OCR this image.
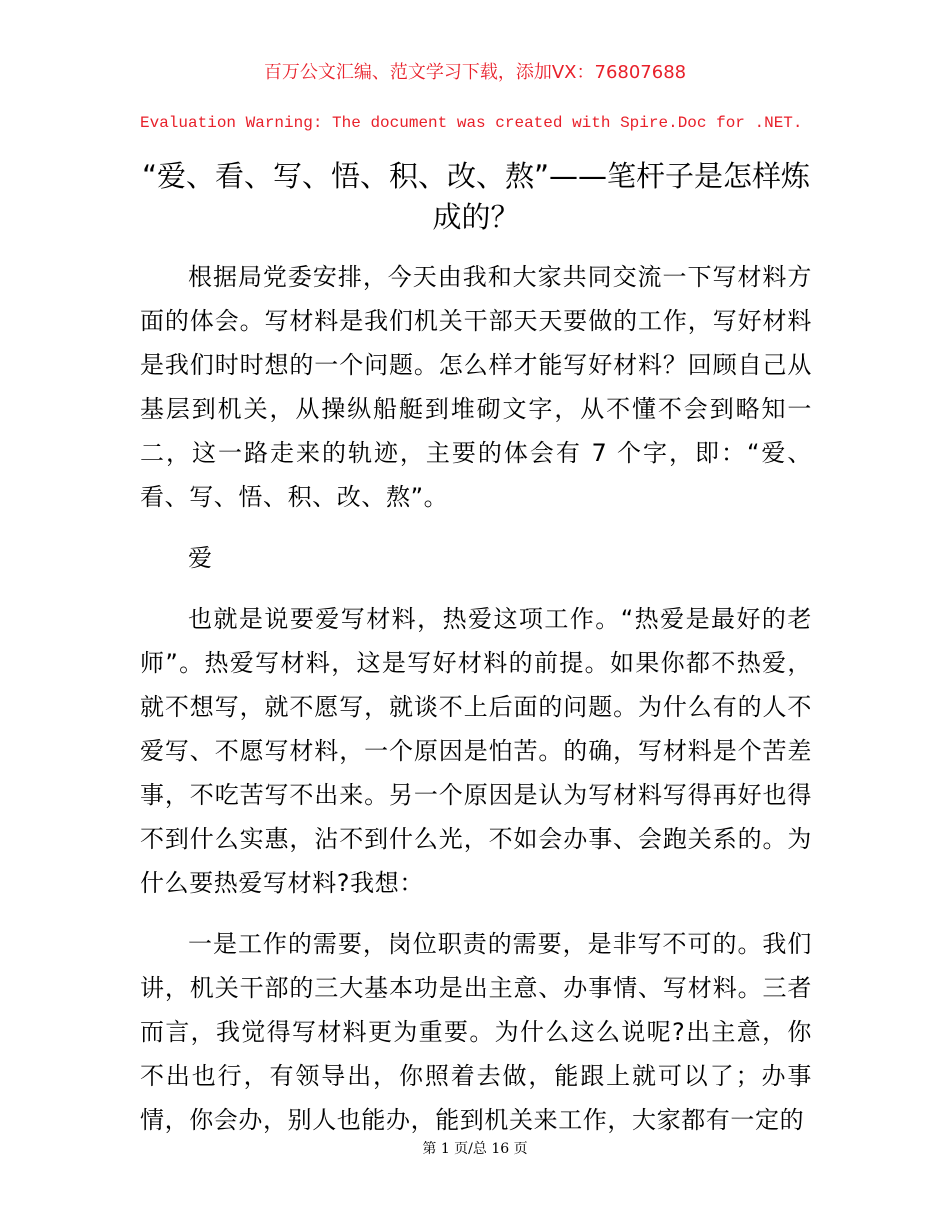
百万公文汇编、范文学习下载，添加VX：76807688
Evaluation Warning: The document was created with Spire.Doc for .NET.
“爱、看、写、悟、积、改、熬”——笔杆子是怎样炼成的？

根据局党委安排，今天由我和大家共同交流一下写材料方面的体会。写材料是我们机关干部天天要做的工作，写好材料是我们时时想的一个问题。怎么样才能写好材料？回顾自己从基层到机关，从操纵船艇到堆砌文字，从不懂不会到略知一二，这一路走来的轨迹，主要的体会有 7 个字，即：“爱、看、写、悟、积、改、熬”。

爱

也就是说要爱写材料，热爱这项工作。“热爱是最好的老师”。热爱写材料，这是写好材料的前提。如果你都不热爱，就不想写，就不愿写，就谈不上后面的问题。为什么有的人不爱写、不愿写材料，一个原因是怕苦。的确，写材料是个苦差事，不吃苦写不出来。另一个原因是认为写材料写得再好也得不到什么实惠，沾不到什么光，不如会办事、会跑关系的。为什么要热爱写材料?我想：

一是工作的需要，岗位职责的需要，是非写不可的。我们讲，机关干部的三大基本功是出主意、办事情、写材料。三者而言，我觉得写材料更为重要。为什么这么说呢?出主意，你不出也行，有领导出，你照着去做，能跟上就可以了；办事情，你会办，别人也能办，能到机关来工作，大家都有一定的

第 1 页/总 16 页
